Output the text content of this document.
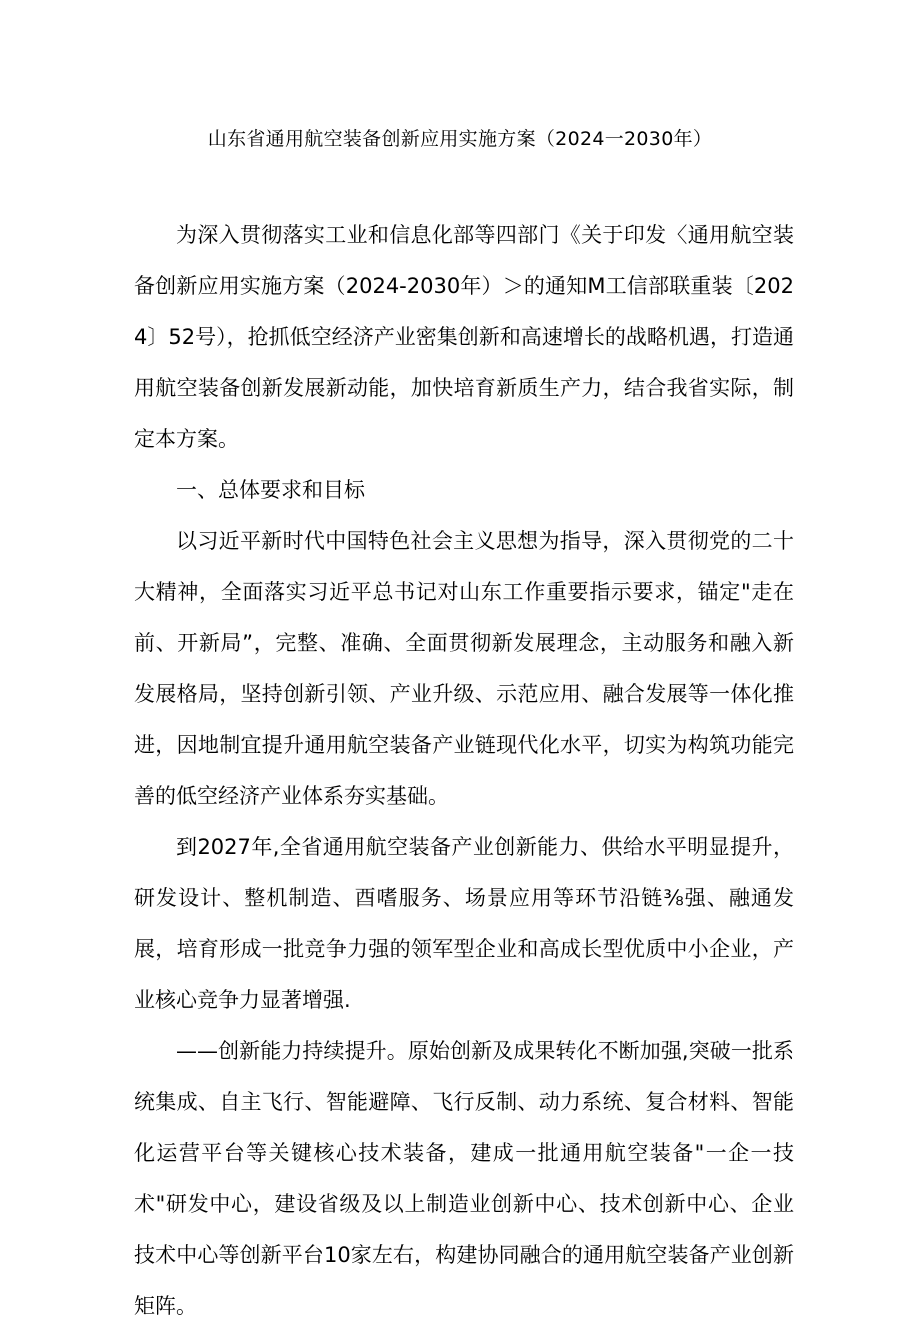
山东省通用航空装备创新应用实施方案（2024一2030年）

为深入贯彻落实工业和信息化部等四部门《关于印发〈通用航空装备创新应用实施方案（2024-2030年）＞的通知M工信部联重装〔2024〕52号），抢抓低空经济产业密集创新和高速增长的战略机遇，打造通用航空装备创新发展新动能，加快培育新质生产力，结合我省实际，制定本方案。

一、总体要求和目标

以习近平新时代中国特色社会主义思想为指导，深入贯彻党的二十大精神，全面落实习近平总书记对山东工作重要指示要求，锚定"走在前、开新局”，完整、准确、全面贯彻新发展理念，主动服务和融入新发展格局，坚持创新引领、产业升级、示范应用、融合发展等一体化推进，因地制宜提升通用航空装备产业链现代化水平，切实为构筑功能完善的低空经济产业体系夯实基础。

到2027年,全省通用航空装备产业创新能力、供给水平明显提升，研发设计、整机制造、酉嗜服务、场景应用等环节沿链⅜强、融通发展，培育形成一批竞争力强的领军型企业和高成长型优质中小企业，产业核心竞争力显著增强.

——创新能力持续提升。原始创新及成果转化不断加强,突破一批系统集成、自主飞行、智能避障、飞行反制、动力系统、复合材料、智能化运营平台等关键核心技术装备，建成一批通用航空装备"一企一技术"研发中心，建设省级及以上制造业创新中心、技术创新中心、企业技术中心等创新平台10家左右，构建协同融合的通用航空装备产业创新矩阵。
